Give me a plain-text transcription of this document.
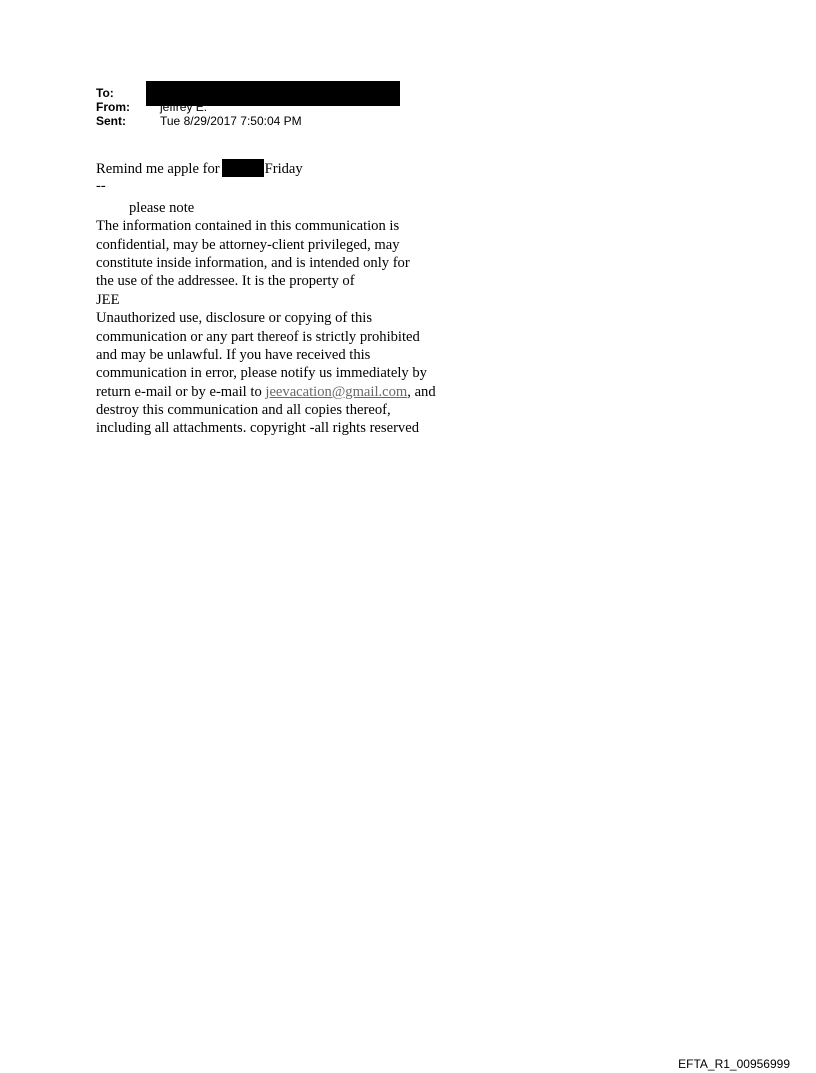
To:
From:	jeffrey E.
Sent:	Tue 8/29/2017 7:50:04 PM
Remind me apple for	Friday
--
please note
The information contained in this communication is
confidential, may be attorney-client privileged, may
constitute inside information, and is intended only for
the use of the addressee. It is the property of
JEE
Unauthorized use, disclosure or copying of this
communication or any part thereof is strictly prohibited
and may be unlawful. If you have received this
communication in error, please notify us immediately by
return e-mail or by e-mail to jeevacation@gmail.com, and
destroy this communication and all copies thereof,
including all attachments. copyright -all rights reserved
EFTA_R1_00956999
